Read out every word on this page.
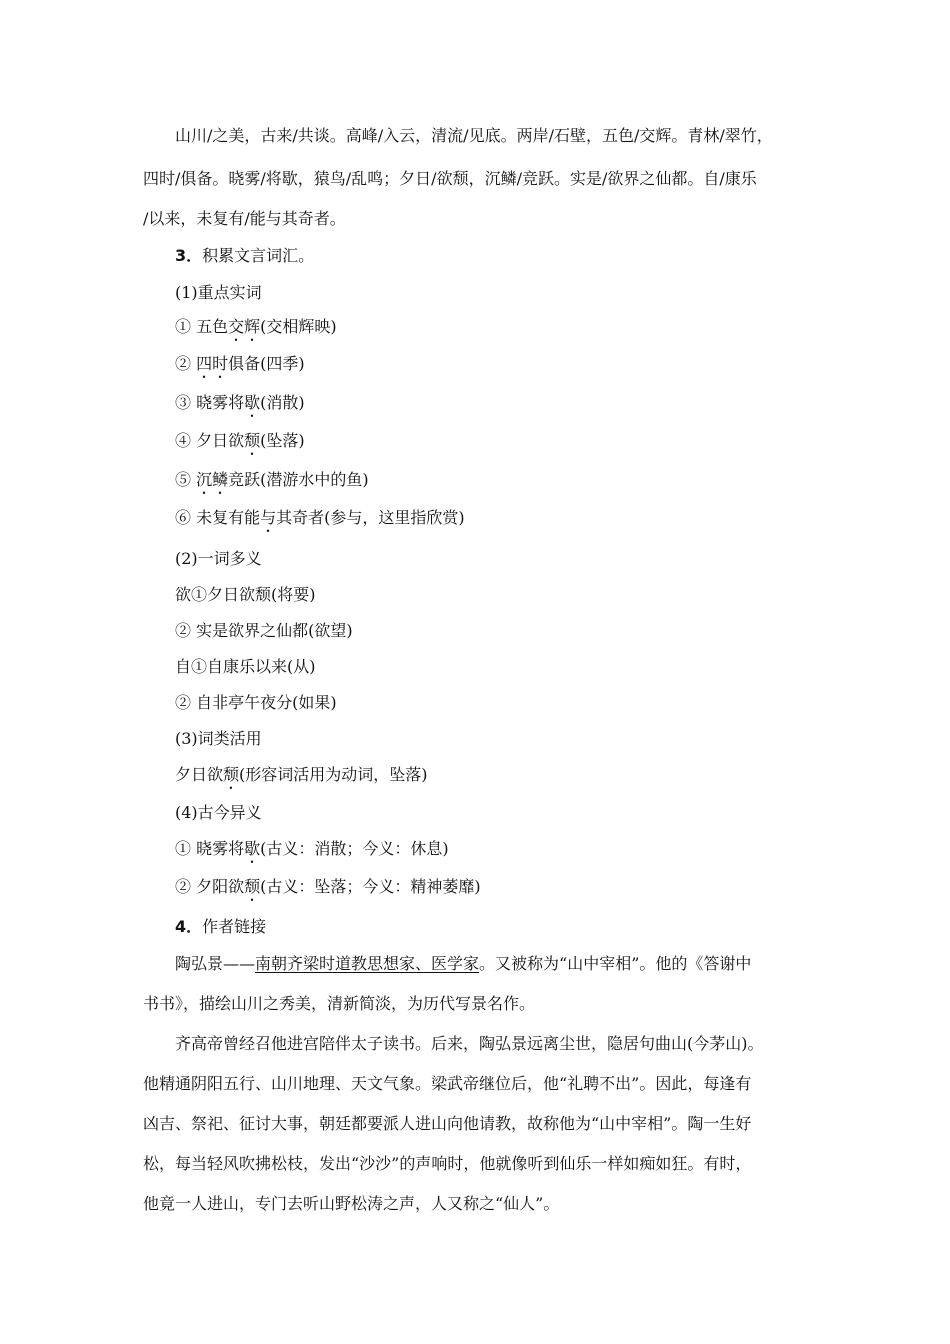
山川/之美，古来/共谈。高峰/入云，清流/见底。两岸/石壁，五色/交辉。青林/翠竹，
四时/俱备。晓雾/将歇，猿鸟/乱鸣；夕日/欲颓，沉鳞/竞跃。实是/欲界之仙都。自/康乐
/以来，未复有/能与其奇者。
3．积累文言词汇。
(1)重点实词
① 五色交辉(交相辉映)
② 四时俱备(四季)
③ 晓雾将歇(消散)
④ 夕日欲颓(坠落)
⑤ 沉鳞竞跃(潜游水中的鱼)
⑥ 未复有能与其奇者(参与，这里指欣赏)
(2)一词多义
欲①夕日欲颓(将要)
② 实是欲界之仙都(欲望)
自①自康乐以来(从)
② 自非亭午夜分(如果)
(3)词类活用
夕日欲颓(形容词活用为动词，坠落)
(4)古今异义
① 晓雾将歇(古义：消散；今义：休息)
② 夕阳欲颓(古义：坠落；今义：精神萎靡)
4．作者链接
陶弘景——南朝齐梁时道教思想家、医学家。又被称为“山中宰相”。他的《答谢中
书书》，描绘山川之秀美，清新简淡，为历代写景名作。
齐高帝曾经召他进宫陪伴太子读书。后来，陶弘景远离尘世，隐居句曲山(今茅山)。
他精通阴阳五行、山川地理、天文气象。梁武帝继位后，他“礼聘不出”。因此，每逢有
凶吉、祭祀、征讨大事，朝廷都要派人进山向他请教，故称他为“山中宰相”。陶一生好
松，每当轻风吹拂松枝，发出“沙沙”的声响时，他就像听到仙乐一样如痴如狂。有时，
他竟一人进山，专门去听山野松涛之声，人又称之“仙人”。
